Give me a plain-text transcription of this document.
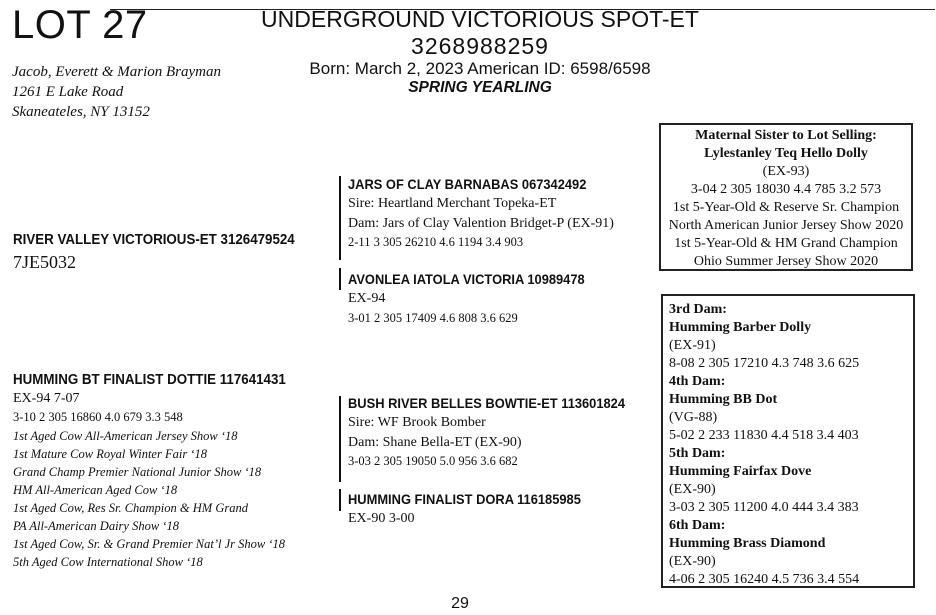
LOT 27	UNDERGROUND VICTORIOUS SPOT-ET
3268988259
Born: March 2, 2023 American ID: 6598/6598
SPRING YEARLING
Jacob, Everett & Marion Brayman
1261 E Lake Road
Skaneateles, NY 13152
RIVER VALLEY VICTORIOUS-ET 3126479524
7JE5032
JARS OF CLAY BARNABAS 067342492
Sire: Heartland Merchant Topeka-ET
Dam: Jars of Clay Valention Bridget-P (EX-91)
2-11 3 305 26210 4.6 1194 3.4 903
AVONLEA IATOLA VICTORIA 10989478
EX-94
3-01 2 305 17409 4.6 808 3.6 629
HUMMING BT FINALIST DOTTIE 117641431
EX-94 7-07
3-10 2 305 16860 4.0 679 3.3 548
1st Aged Cow All-American Jersey Show ‘18
1st Mature Cow Royal Winter Fair ‘18
Grand Champ Premier National Junior Show ‘18
HM All-American Aged Cow ‘18
1st Aged Cow, Res Sr. Champion & HM Grand
PA All-American Dairy Show ‘18
1st Aged Cow, Sr. & Grand Premier Nat’l Jr Show ‘18
5th Aged Cow International Show ‘18
BUSH RIVER BELLES BOWTIE-ET 113601824
Sire: WF Brook Bomber
Dam: Shane Bella-ET (EX-90)
3-03 2 305 19050 5.0 956 3.6 682
HUMMING FINALIST DORA 116185985
EX-90 3-00
Maternal Sister to Lot Selling:
Lylestanley Teq Hello Dolly
(EX-93)
3-04 2 305 18030 4.4 785 3.2 573
1st 5-Year-Old & Reserve Sr. Champion
North American Junior Jersey Show 2020
1st 5-Year-Old & HM Grand Champion
Ohio Summer Jersey Show 2020
3rd Dam:
Humming Barber Dolly
(EX-91)
8-08 2 305 17210 4.3 748 3.6 625
4th Dam:
Humming BB Dot
(VG-88)
5-02 2 233 11830 4.4 518 3.4 403
5th Dam:
Humming Fairfax Dove
(EX-90)
3-03 2 305 11200 4.0 444 3.4 383
6th Dam:
Humming Brass Diamond
(EX-90)
4-06 2 305 16240 4.5 736 3.4 554
29
